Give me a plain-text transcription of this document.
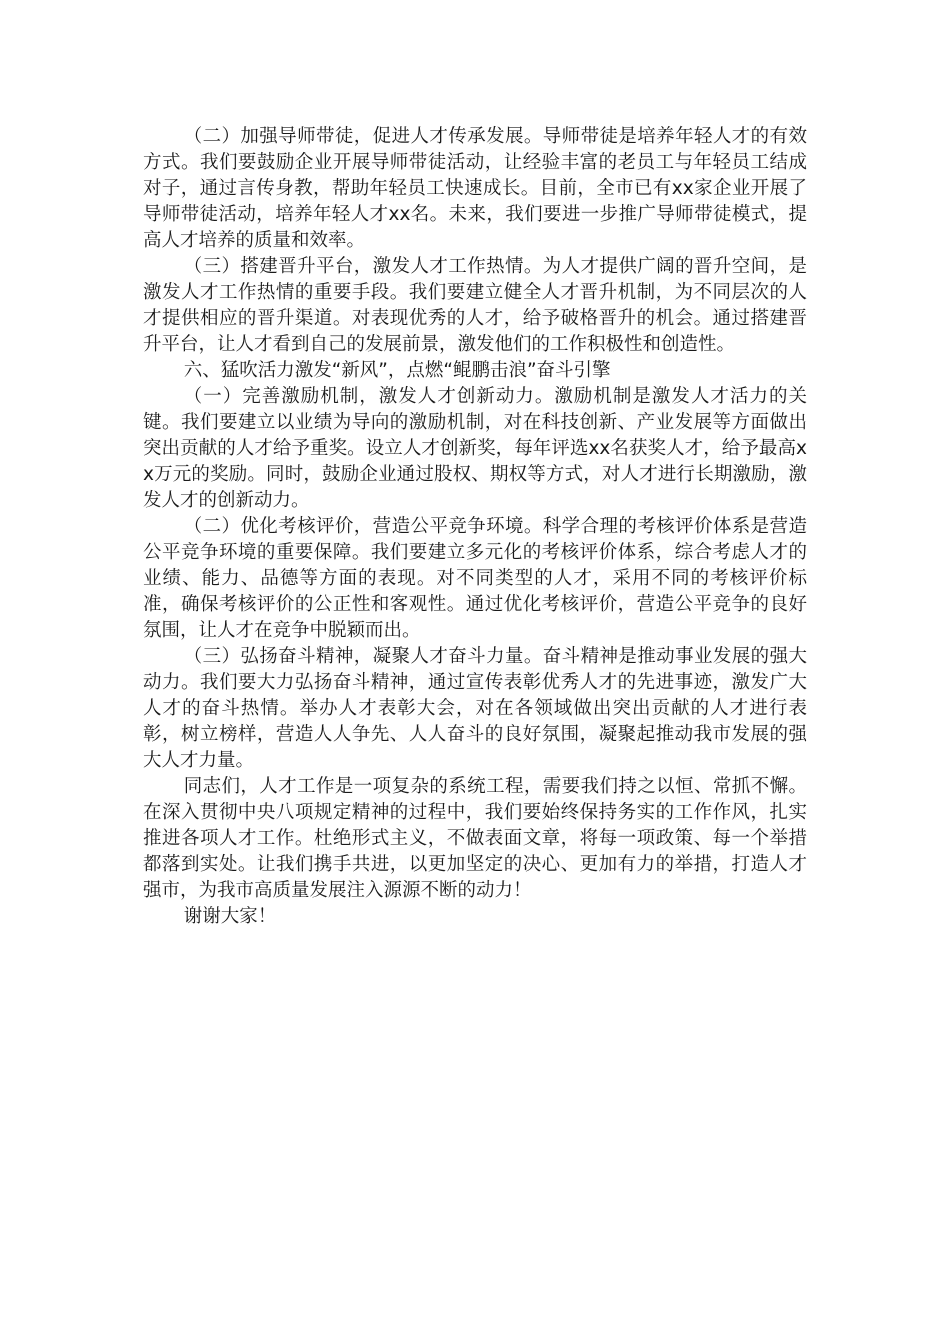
（二）加强导师带徒，促进人才传承发展。导师带徒是培养年轻人才的有效方式。我们要鼓励企业开展导师带徒活动，让经验丰富的老员工与年轻员工结成对子，通过言传身教，帮助年轻员工快速成长。目前，全市已有xx家企业开展了导师带徒活动，培养年轻人才xx名。未来，我们要进一步推广导师带徒模式，提高人才培养的质量和效率。

（三）搭建晋升平台，激发人才工作热情。为人才提供广阔的晋升空间，是激发人才工作热情的重要手段。我们要建立健全人才晋升机制，为不同层次的人才提供相应的晋升渠道。对表现优秀的人才，给予破格晋升的机会。通过搭建晋升平台，让人才看到自己的发展前景，激发他们的工作积极性和创造性。

六、猛吹活力激发“新风”，点燃“鲲鹏击浪”奋斗引擎

（一）完善激励机制，激发人才创新动力。激励机制是激发人才活力的关键。我们要建立以业绩为导向的激励机制，对在科技创新、产业发展等方面做出突出贡献的人才给予重奖。设立人才创新奖，每年评选xx名获奖人才，给予最高xx万元的奖励。同时，鼓励企业通过股权、期权等方式，对人才进行长期激励，激发人才的创新动力。

（二）优化考核评价，营造公平竞争环境。科学合理的考核评价体系是营造公平竞争环境的重要保障。我们要建立多元化的考核评价体系，综合考虑人才的业绩、能力、品德等方面的表现。对不同类型的人才，采用不同的考核评价标准，确保考核评价的公正性和客观性。通过优化考核评价，营造公平竞争的良好氛围，让人才在竞争中脱颖而出。

（三）弘扬奋斗精神，凝聚人才奋斗力量。奋斗精神是推动事业发展的强大动力。我们要大力弘扬奋斗精神，通过宣传表彰优秀人才的先进事迹，激发广大人才的奋斗热情。举办人才表彰大会，对在各领域做出突出贡献的人才进行表彰，树立榜样，营造人人争先、人人奋斗的良好氛围，凝聚起推动我市发展的强大人才力量。

同志们，人才工作是一项复杂的系统工程，需要我们持之以恒、常抓不懈。在深入贯彻中央八项规定精神的过程中，我们要始终保持务实的工作作风，扎实推进各项人才工作。杜绝形式主义，不做表面文章，将每一项政策、每一个举措都落到实处。让我们携手共进，以更加坚定的决心、更加有力的举措，打造人才强市，为我市高质量发展注入源源不断的动力！

谢谢大家！
